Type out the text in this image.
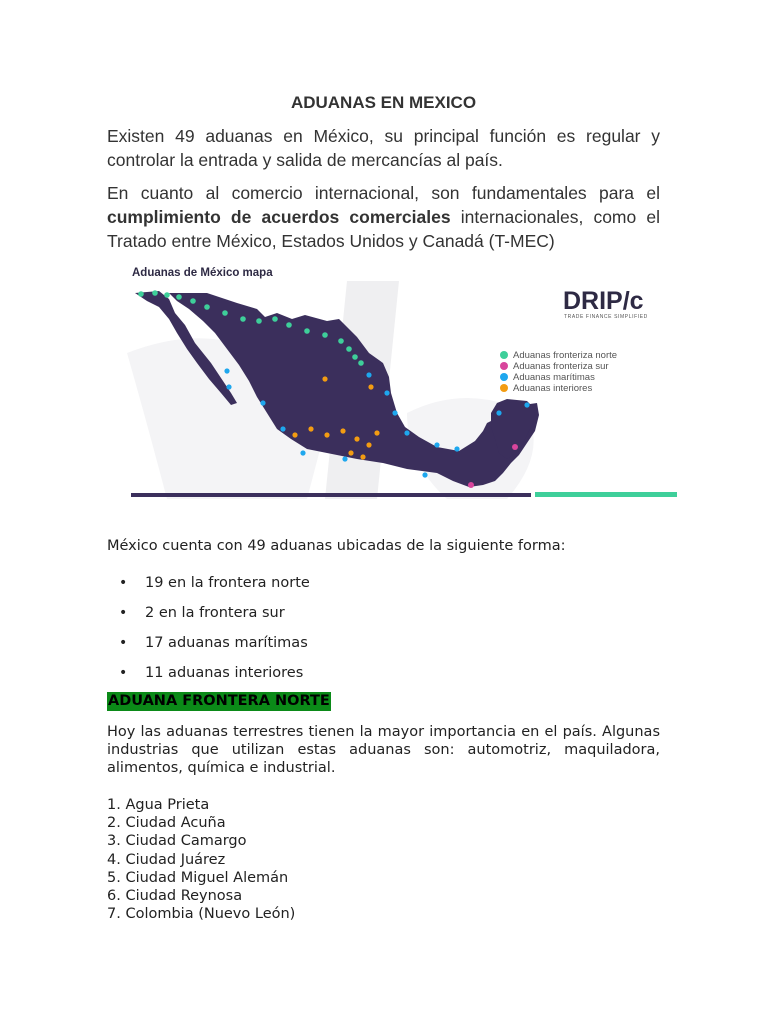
ADUANAS EN MEXICO

Existen 49 aduanas en México, su principal función es regular y controlar la entrada y salida de mercancías al país.

En cuanto al comercio internacional, son fundamentales para el cumplimiento de acuerdos comerciales internacionales, como el Tratado entre México, Estados Unidos y Canadá (T-MEC)

Aduanas de México mapa
DRIP/c
TRADE FINANCE SIMPLIFIED
Aduanas fronteriza norte
Aduanas fronteriza sur
Aduanas marítimas
Aduanas interiores

México cuenta con 49 aduanas ubicadas de la siguiente forma:

• 19 en la frontera norte
• 2 en la frontera sur
• 17 aduanas marítimas
• 11 aduanas interiores
ADUANA FRONTERA NORTE

Hoy las aduanas terrestres tienen la mayor importancia en el país. Algunas industrias que utilizan estas aduanas son: automotriz, maquiladora, alimentos, química e industrial.

1. Agua Prieta
2. Ciudad Acuña
3. Ciudad Camargo
4. Ciudad Juárez
5. Ciudad Miguel Alemán
6. Ciudad Reynosa
7. Colombia (Nuevo León)
